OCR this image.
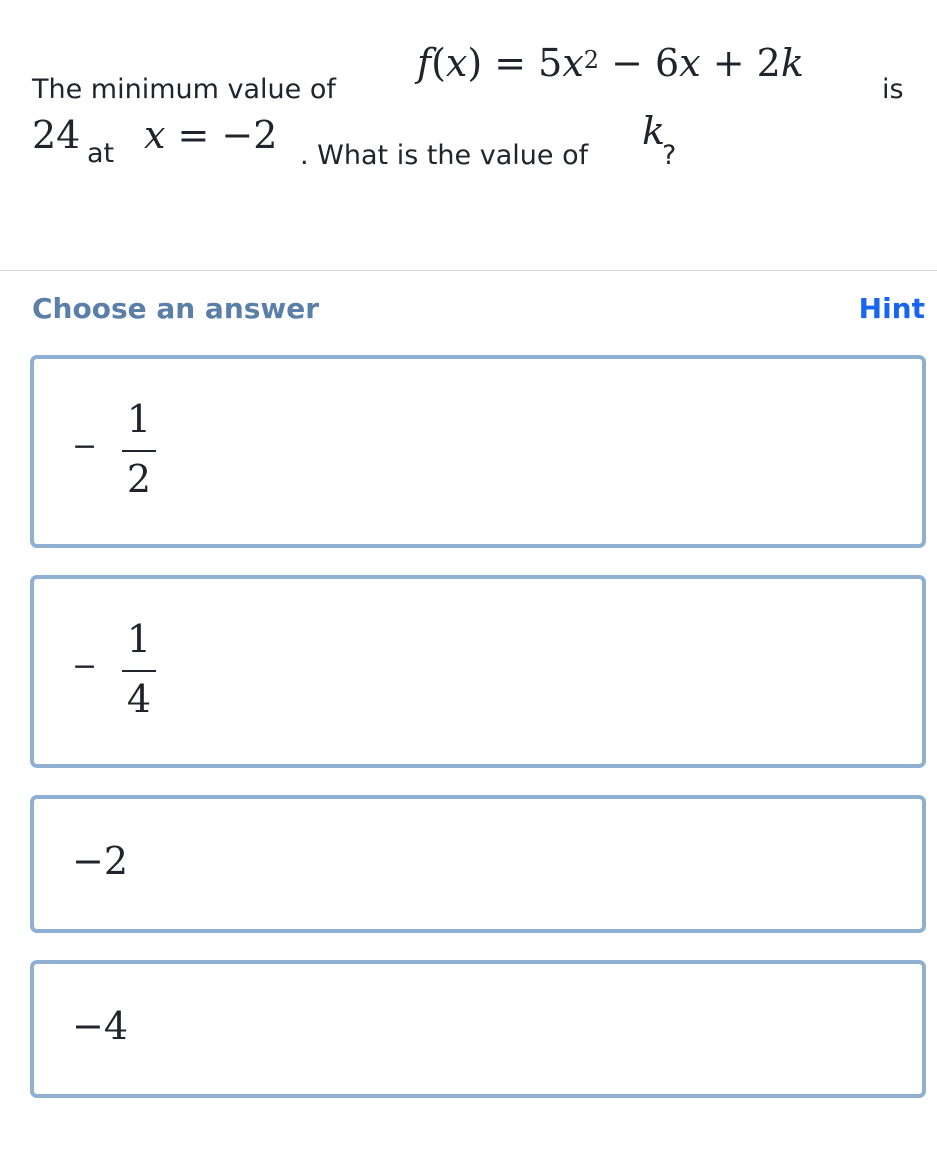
The minimum value of
$f(x) = 5x^2 - 6x + 2k$
is
24 at x = −2 . What is the value of
k
?
Choose an answer	Hint
−
1
2
−
1
4
−2
−4
